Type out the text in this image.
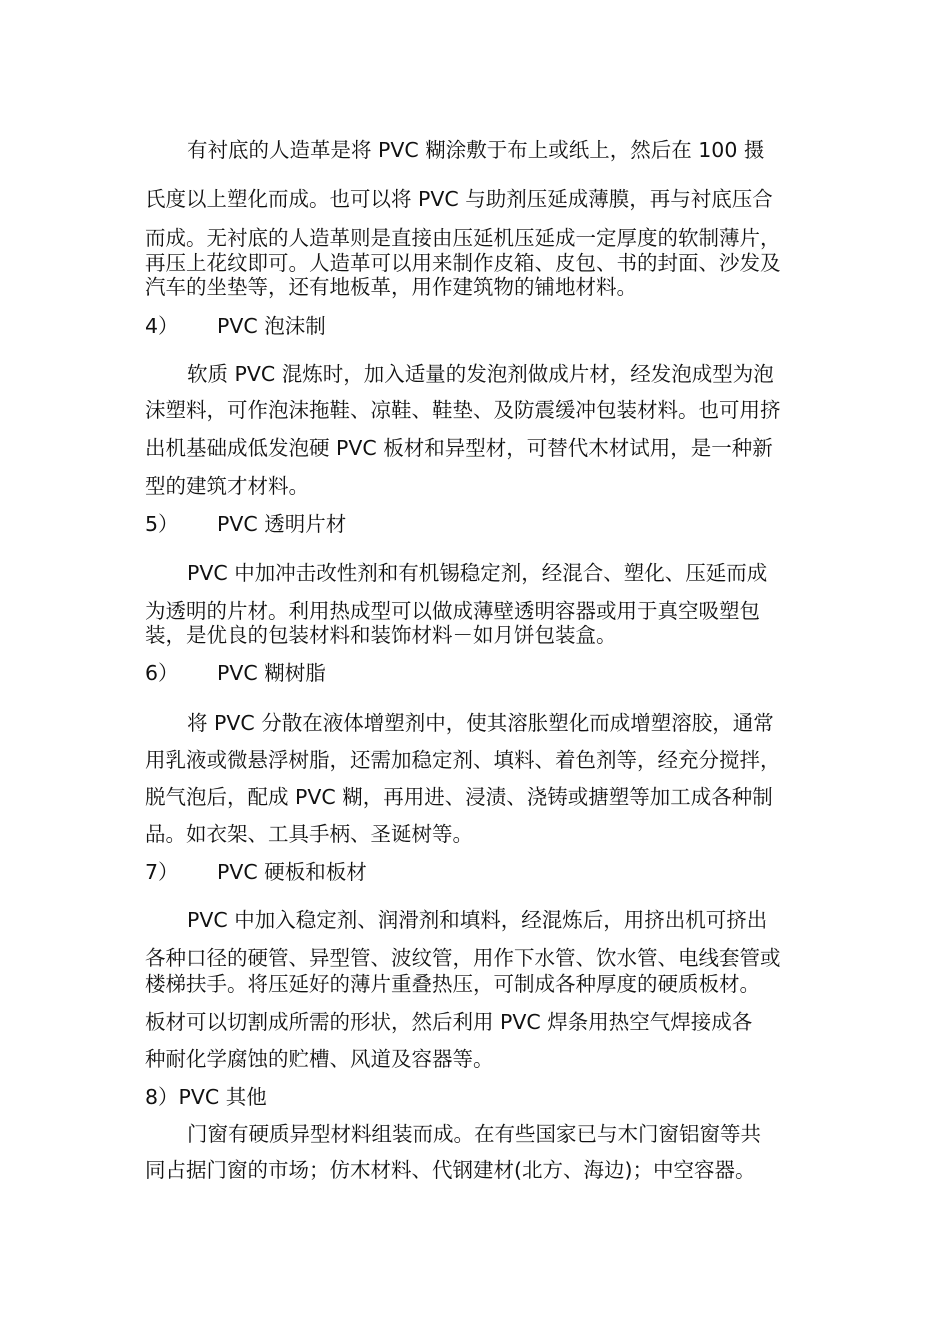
有衬底的人造革是将 PVC 糊涂敷于布上或纸上，然后在 100 摄
氏度以上塑化而成。也可以将 PVC 与助剂压延成薄膜，再与衬底压合
而成。无衬底的人造革则是直接由压延机压延成一定厚度的软制薄片，
再压上花纹即可。人造革可以用来制作皮箱、皮包、书的封面、沙发及
汽车的坐垫等，还有地板革，用作建筑物的铺地材料。
4） PVC 泡沫制
软质 PVC 混炼时，加入适量的发泡剂做成片材，经发泡成型为泡
沫塑料，可作泡沫拖鞋、凉鞋、鞋垫、及防震缓冲包装材料。也可用挤
出机基础成低发泡硬 PVC 板材和异型材，可替代木材试用，是一种新
型的建筑才材料。
5） PVC 透明片材
PVC 中加冲击改性剂和有机锡稳定剂，经混合、塑化、压延而成
为透明的片材。利用热成型可以做成薄壁透明容器或用于真空吸塑包
装，是优良的包装材料和装饰材料－如月饼包装盒。
6） PVC 糊树脂
将 PVC 分散在液体增塑剂中，使其溶胀塑化而成增塑溶胶，通常
用乳液或微悬浮树脂，还需加稳定剂、填料、着色剂等，经充分搅拌，
脱气泡后，配成 PVC 糊，再用进、浸渍、浇铸或搪塑等加工成各种制
品。如衣架、工具手柄、圣诞树等。
7） PVC 硬板和板材
PVC 中加入稳定剂、润滑剂和填料，经混炼后，用挤出机可挤出
各种口径的硬管、异型管、波纹管，用作下水管、饮水管、电线套管或
楼梯扶手。将压延好的薄片重叠热压，可制成各种厚度的硬质板材。
板材可以切割成所需的形状，然后利用 PVC 焊条用热空气焊接成各
种耐化学腐蚀的贮槽、风道及容器等。
8）PVC 其他
门窗有硬质异型材料组装而成。在有些国家已与木门窗铝窗等共
同占据门窗的市场；仿木材料、代钢建材(北方、海边)；中空容器。
